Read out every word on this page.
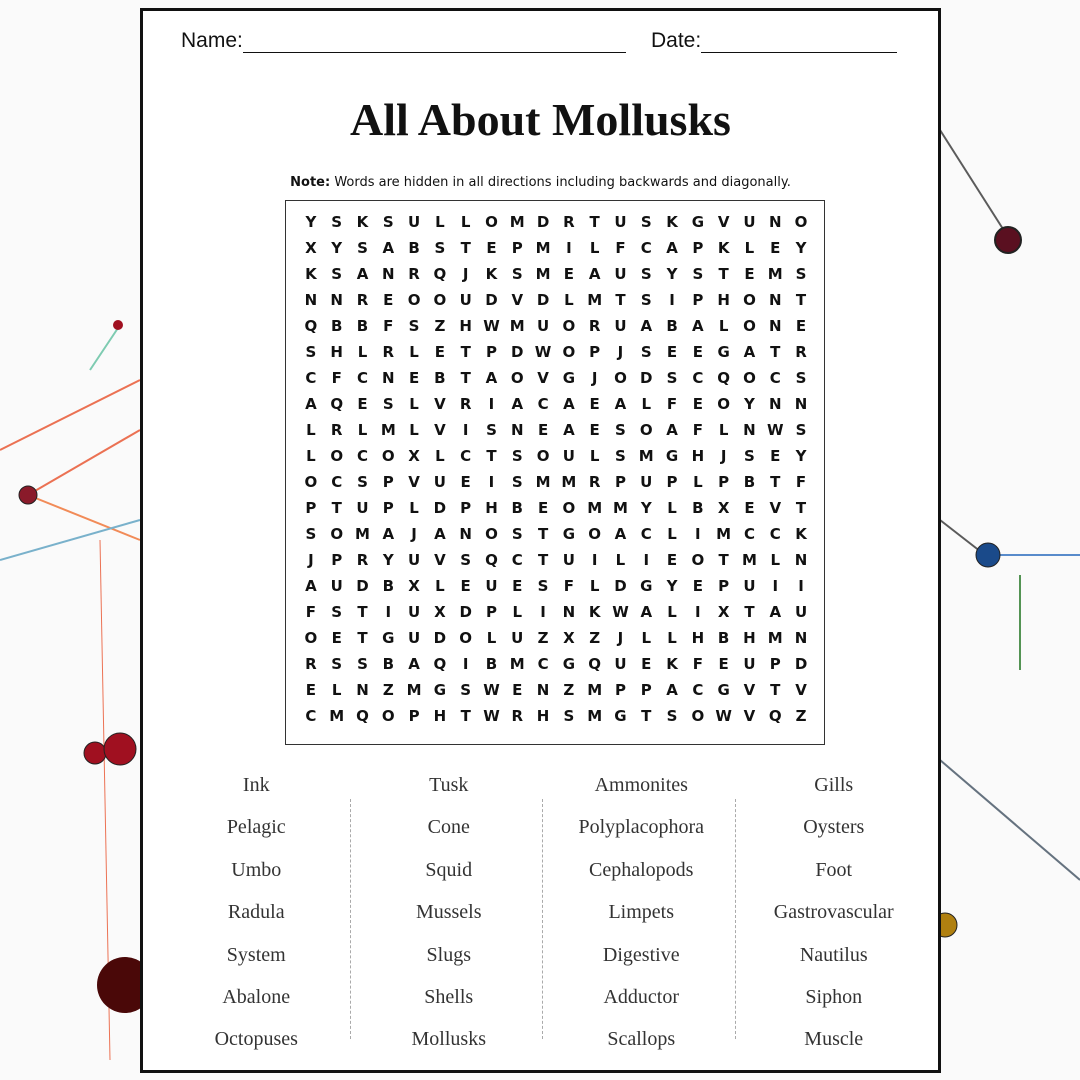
Name:	Date:
All About Mollusks
Note: Words are hidden in all directions including backwards and diagonally.
Y S K S U L	L O M D R T U S K G V U N O
X Y S A B S	T	E	P M	I	L	F	C A P K	L	E	Y
K S A N R Q	J	K S M E A U S Y S	T	E M S
N N R E O O U D V D L M T	S	I	P H O N T
Q B B F	S Z H W M U O R U A B A	L O N E
S H L	R	L	E	T	P D W O P	J	S	E	E G A T R
C	F	C N E B T A O V G	J	O D S C Q O C S
A Q E	S	L	V R	I	A C A E A	L	F	E O Y N N
L	R	L M L	V	I	S N E A E	S O A F	L N W S
L O C O X	L	C	T	S O U L	S M G H	J	S	E	Y
O C S P V U E	I	S M M R P U P	L	P B T	F
P	T U P	L D P H B E O M M Y	L	B X E V T
S O M A	J	A N O S	T G O A C	L	I	M C C K
J	P R Y U V S Q C	T U	I	L	I	E O T M L N
A U D B X	L	E U E	S	F	L D G Y	E	P U	I	I
F	S	T	I	U X D P	L	I	N K W A	L	I	X T A U
O E	T G U D O L U Z X Z	J	L	L H B H M N
R S S B A Q	I	B M C G Q U E K F	E U P D
E	L N Z M G S W E N Z M P P A C G V T V
C M Q O P H T W R H S M G T	S O W V Q Z
Ink
Pelagic
Umbo
Radula
System
Abalone
Octopuses
Tusk
Cone
Squid
Mussels
Slugs
Shells
Mollusks
Ammonites
Polyplacophora
Cephalopods
Limpets
Digestive
Adductor
Scallops
Gills
Oysters
Foot
Gastrovascular
Nautilus
Siphon
Muscle
